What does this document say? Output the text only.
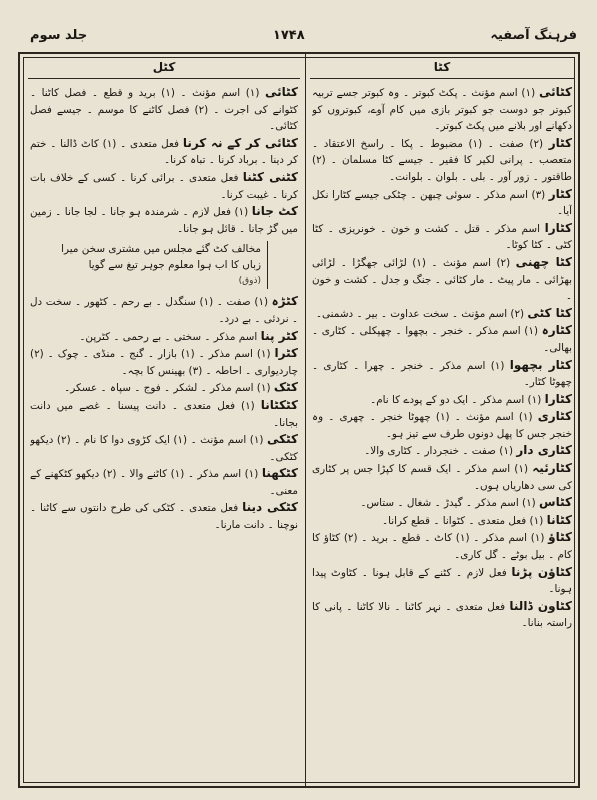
فرہنگ آصفیہ
۱۷۴۸
جلد سوم
کٹا
کٹل

کٹائی (۱) اسم مؤنث ۔ پکٹ کبوتر ۔ وہ کبوتر جسے تربیہ کبوتر جو دوست جو کبوتر بازی میں کام آوے، کبوتروں کو دکھانے اور بلانے میں پکٹ کبوتر۔

کٹار (۲) صفت ۔ (۱) مضبوط ۔ پکا ۔ راسخ الاعتقاد ۔ متعصب ۔ پرانی لکیر کا فقیر ۔ جیسے کٹا مسلمان ۔ (۲) طاقتور ۔ زور آور ۔ بلی ۔ بلوان ۔ بلوانت۔

کٹار (۳) اسم مذکر ۔ سوئی چبھن ۔ چٹکی جیسے کٹارا نکل آیا۔

کٹارا اسم مذکر ۔ قتل ۔ کشت و خون ۔ خونریزی ۔ کٹا کٹی ۔ کٹا کوٹا۔

کٹا چھنی (۲) اسم مؤنث ۔ (۱) لڑائی جھگڑا ۔ لڑائی بھڑائی ۔ مار پیٹ ۔ مار کٹائی ۔ جنگ و جدل ۔ کشت و خون ۔

کٹا کٹی (۲) اسم مؤنث ۔ سخت عداوت ۔ بیر ۔ دشمنی۔

کٹارہ (۱) اسم مذکر ۔ خنجر ۔ بچھوا ۔ چھپکلی ۔ کٹاری ۔ بھالی۔

کٹار بچھوا (۱) اسم مذکر ۔ خنجر ۔ چھرا ۔ کٹاری ۔ چھوٹا کٹار۔

کٹارا (۱) اسم مذکر ۔ ایک دو کے پودے کا نام۔

کٹاری (۱) اسم مؤنث ۔ (۱) چھوٹا خنجر ۔ چھری ۔ وہ خنجر جس کا پھل دونوں طرف سے تیز ہو۔

کٹاری دار (۱) صفت ۔ خنجردار ۔ کٹاری والا۔

کٹارئیہ (۱) اسم مذکر ۔ ایک قسم کا کپڑا جس پر کٹاری کی سی دھاریاں ہوں۔

کٹاس (۱) اسم مذکر ۔ گیدڑ ۔ شغال ۔ ستاس۔

کٹانا (۱) فعل متعدی ۔ کٹوانا ۔ قطع کرانا۔

کٹاؤ (۱) اسم مذکر ۔ (۱) کاٹ ۔ قطع ۔ برید ۔ (۲) کٹاؤ کا کام ۔ بیل بوٹے ۔ گل کاری۔

کٹاؤن پڑنا فعل لازم ۔ کٹنے کے قابل ہونا ۔ کٹاوٹ پیدا ہونا۔

کٹاون ڈالنا فعل متعدی ۔ نہر کاٹنا ۔ نالا کاٹنا ۔ پانی کا راستہ بنانا۔

کٹائی (۱) اسم مؤنث ۔ (۱) برید و قطع ۔ فصل کاٹنا ۔ کٹوانے کی اجرت ۔ (۲) فصل کاٹنے کا موسم ۔ جیسے فصل کٹائی۔

کٹائی کر کے نہ کرنا فعل متعدی ۔ (۱) کاٹ ڈالنا ۔ ختم کر دینا ۔ برباد کرنا ۔ تباہ کرنا۔

کٹنی کٹنا فعل متعدی ۔ برائی کرنا ۔ کسی کے خلاف بات کرنا ۔ غیبت کرنا۔

کٹ جانا (۱) فعل لازم ۔ شرمندہ ہو جانا ۔ لجا جانا ۔ زمین میں گڑ جانا ۔ قائل ہو جانا۔

مخالف کٹ گئے مجلس میں مشتری سخن میرا
زباں کا اب ہوا معلوم جوہر تیغ سے گویا
(ذوق)

کٹڑہ (۱) صفت ۔ (۱) سنگدل ۔ بے رحم ۔ کٹھور ۔ سخت دل ۔ نردئی ۔ بے درد۔

کٹر پنا اسم مذکر ۔ سختی ۔ بے رحمی ۔ کٹرپن۔

کٹرا (۱) اسم مذکر ۔ (۱) بازار ۔ گنج ۔ منڈی ۔ چوک ۔ (۲) چاردیواری ۔ احاطہ ۔ (۳) بھینس کا بچہ۔

کٹک (۱) اسم مذکر ۔ لشکر ۔ فوج ۔ سپاہ ۔ عسکر۔

کٹکٹانا (۱) فعل متعدی ۔ دانت پیسنا ۔ غصے میں دانت بجانا۔

کٹکی (۱) اسم مؤنث ۔ (۱) ایک کڑوی دوا کا نام ۔ (۲) دیکھو کٹکی۔

کٹکھنا (۱) اسم مذکر ۔ (۱) کاٹنے والا ۔ (۲) دیکھو کٹکھنے کے معنی۔

کٹکی دینا فعل متعدی ۔ کٹکی کی طرح دانتوں سے کاٹنا ۔ نوچنا ۔ دانت مارنا۔
